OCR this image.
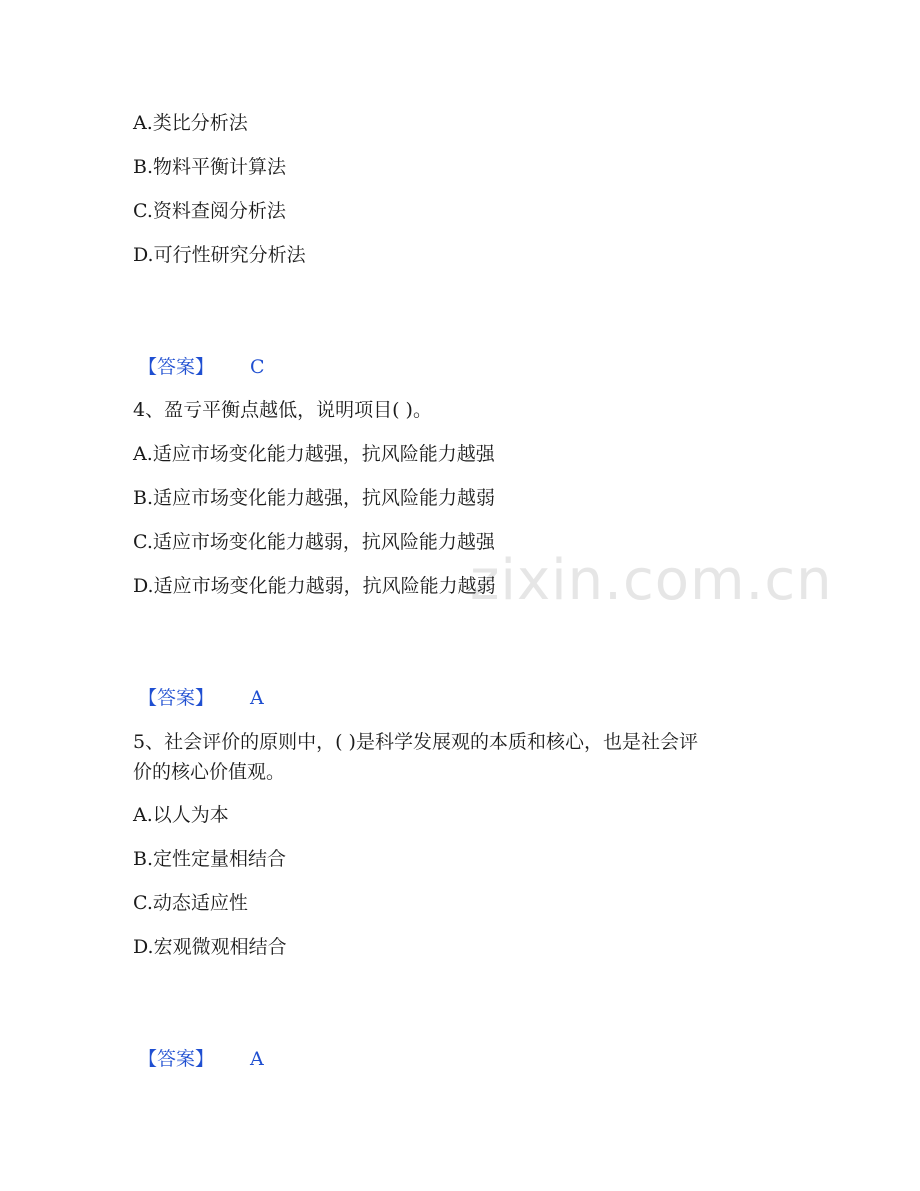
zixin.com.cn
A.类比分析法
B.物料平衡计算法
C.资料查阅分析法
D.可行性研究分析法
【答案】 C
4、盈亏平衡点越低，说明项目( )。
A.适应市场变化能力越强，抗风险能力越强
B.适应市场变化能力越强，抗风险能力越弱
C.适应市场变化能力越弱，抗风险能力越强
D.适应市场变化能力越弱，抗风险能力越弱
【答案】 A
5、社会评价的原则中，( )是科学发展观的本质和核心，也是社会评
价的核心价值观。
A.以人为本
B.定性定量相结合
C.动态适应性
D.宏观微观相结合
【答案】 A
